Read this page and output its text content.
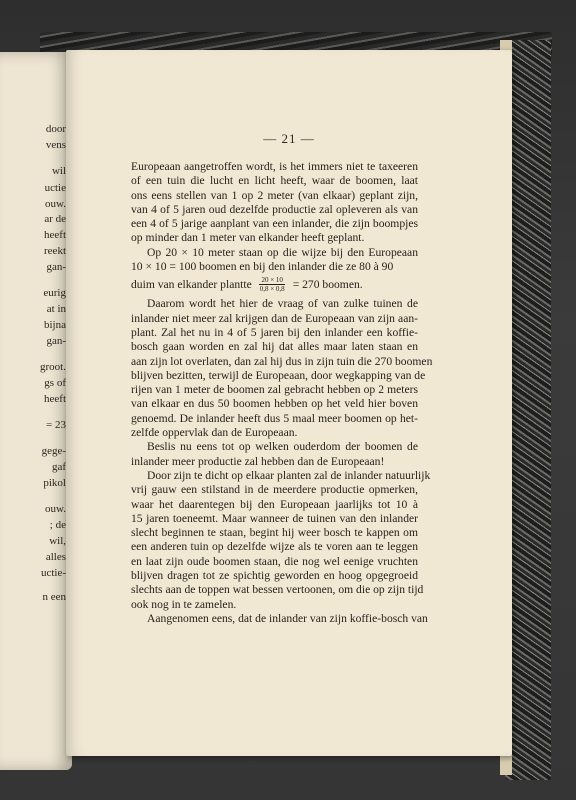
door
vens
wil
uctie
ouw.
ar de
heeft
reekt
gan-
eurig
at in
bijna
gan-
groot.
gs of
heeft
= 23
gege-
gaf
pikol
ouw.
; de
wil,
alles
uctie-
n een
— 21 —
Europeaan aangetroffen wordt, is het immers niet te taxeeren
of een tuin die lucht en licht heeft, waar de boomen, laat
ons eens stellen van 1 op 2 meter (van elkaar) geplant zijn,
van 4 of 5 jaren oud dezelfde productie zal opleveren als van
een 4 of 5 jarige aanplant van een inlander, die zijn boompjes
op minder dan 1 meter van elkander heeft geplant.
Op 20 × 10 meter staan op die wijze bij den Europeaan
10 × 10 = 100 boomen en bij den inlander die ze 80 à 90
duim van elkander plantte $\frac{20 \times 10}{0,8 \times 0,8} = 270$ boomen.
Daarom wordt het hier de vraag of van zulke tuinen de
inlander niet meer zal krijgen dan de Europeaan van zijn aan-
plant. Zal het nu in 4 of 5 jaren bij den inlander een koffie-
bosch gaan worden en zal hij dat alles maar laten staan en
aan zijn lot overlaten, dan zal hij dus in zijn tuin die 270 boomen
blijven bezitten, terwijl de Europeaan, door wegkapping van de
rijen van 1 meter de boomen zal gebracht hebben op 2 meters
van elkaar en dus 50 boomen hebben op het veld hier boven
genoemd. De inlander heeft dus 5 maal meer boomen op het-
zelfde oppervlak dan de Europeaan.
Beslis nu eens tot op welken ouderdom der boomen de
inlander meer productie zal hebben dan de Europeaan!
Door zijn te dicht op elkaar planten zal de inlander natuurlijk
vrij gauw een stilstand in de meerdere productie opmerken,
waar het daarentegen bij den Europeaan jaarlijks tot 10 à
15 jaren toeneemt. Maar wanneer de tuinen van den inlander
slecht beginnen te staan, begint hij weer bosch te kappen om
een anderen tuin op dezelfde wijze als te voren aan te leggen
en laat zijn oude boomen staan, die nog wel eenige vruchten
blijven dragen tot ze spichtig geworden en hoog opgegroeid
slechts aan de toppen wat bessen vertoonen, om die op zijn tijd
ook nog in te zamelen.
Aangenomen eens, dat de inlander van zijn koffie-bosch van
